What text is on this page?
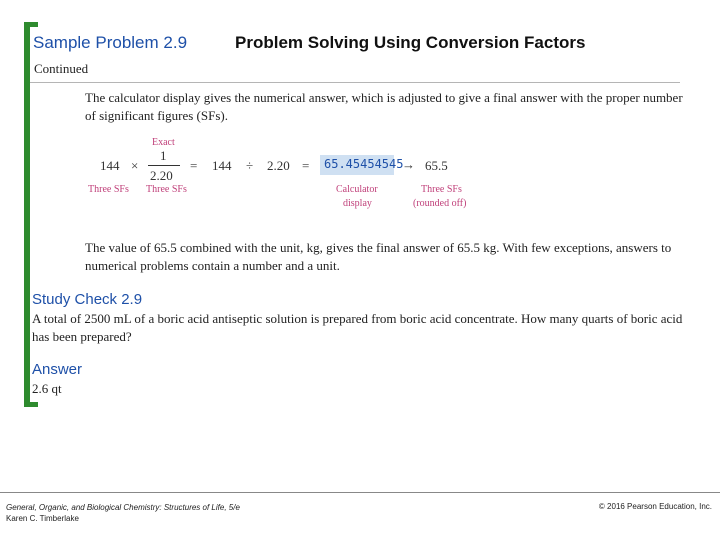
Sample Problem 2.9	Problem Solving Using Conversion Factors
Continued
The calculator display gives the numerical answer, which is adjusted to give a final answer with the proper number of significant figures (SFs).
144 ×
Exact
1
2.20
= 144 ÷ 2.20 = 65.45454545
→ 65.5
Three SFs Three SFs	Calculator
display
Three SFs
(rounded off)
The value of 65.5 combined with the unit, kg, gives the final answer of 65.5 kg. With few exceptions, answers to numerical problems contain a number and a unit.
Study Check 2.9
A total of 2500 mL of a boric acid antiseptic solution is prepared from boric acid concentrate. How many quarts of boric acid has been prepared?
Answer
2.6 qt
General, Organic, and Biological Chemistry: Structures of Life, 5/e
Karen C. Timberlake
© 2016 Pearson Education, Inc.
